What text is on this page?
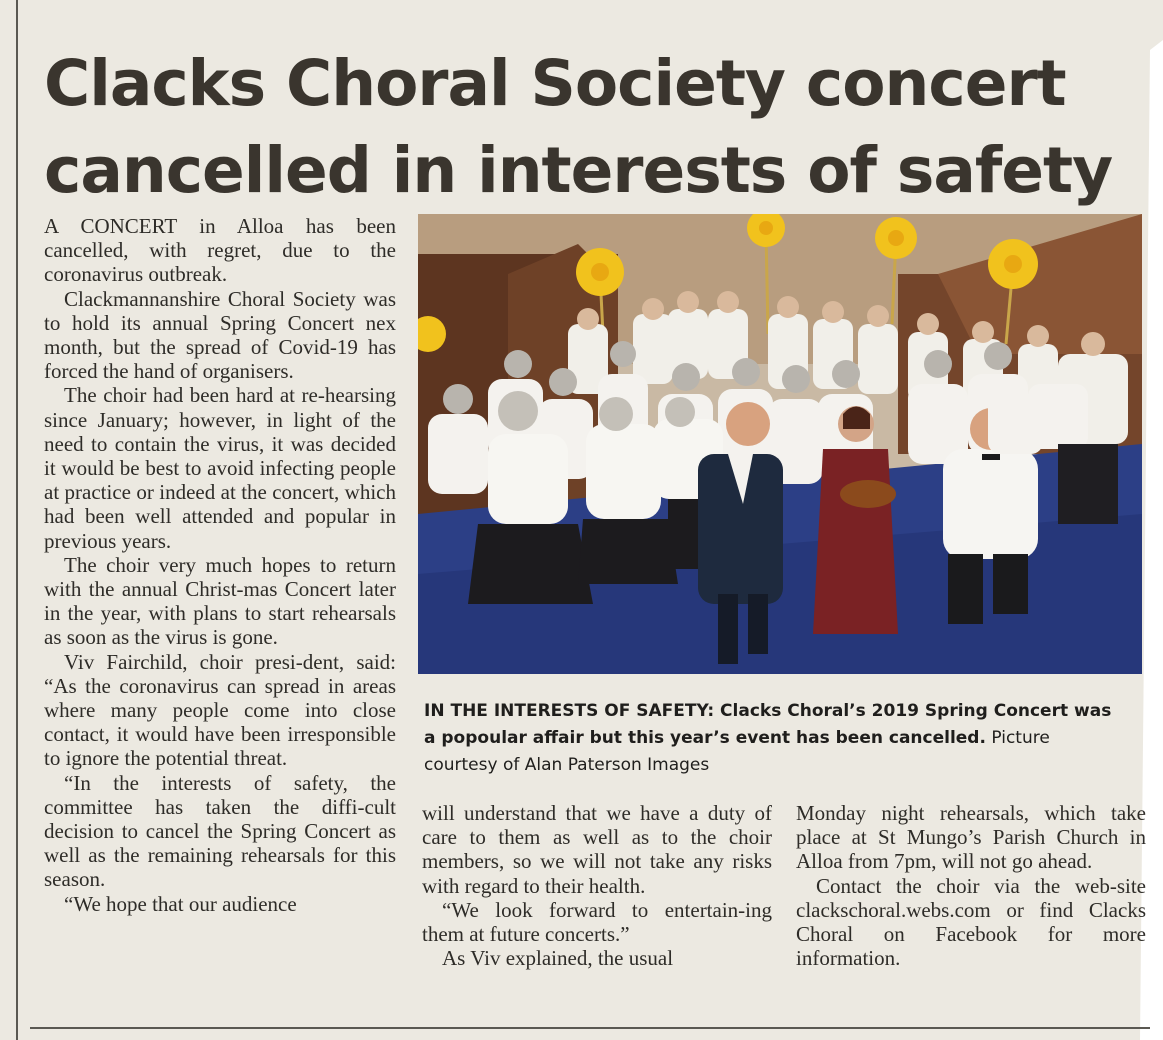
Clacks Choral Society concert cancelled in interests of safety

A CONCERT in Alloa has been cancelled, with regret, due to the coronavirus outbreak.

Clackmannanshire Choral Society was to hold its annual Spring Concert nex month, but the spread of Covid-19 has forced the hand of organisers.

The choir had been hard at re-hearsing since January; however, in light of the need to contain the virus, it was decided it would be best to avoid infecting people at practice or indeed at the concert, which had been well attended and popular in previous years.

The choir very much hopes to return with the annual Christ-mas Concert later in the year, with plans to start rehearsals as soon as the virus is gone.

Viv Fairchild, choir presi-dent, said: “As the coronavirus can spread in areas where many people come into close contact, it would have been irresponsible to ignore the potential threat.

“In the interests of safety, the committee has taken the diffi-cult decision to cancel the Spring Concert as well as the remaining rehearsals for this season.

“We hope that our audience

IN THE INTERESTS OF SAFETY: Clacks Choral’s 2019 Spring Concert was a popoular affair but this year’s event has been cancelled. Picture courtesy of Alan Paterson Images

will understand that we have a duty of care to them as well as to the choir members, so we will not take any risks with regard to their health.

“We look forward to entertain-ing them at future concerts.”

As Viv explained, the usual

Monday night rehearsals, which take place at St Mungo’s Parish Church in Alloa from 7pm, will not go ahead.

Contact the choir via the web-site clackschoral.webs.com or find Clacks Choral on Facebook for more information.
